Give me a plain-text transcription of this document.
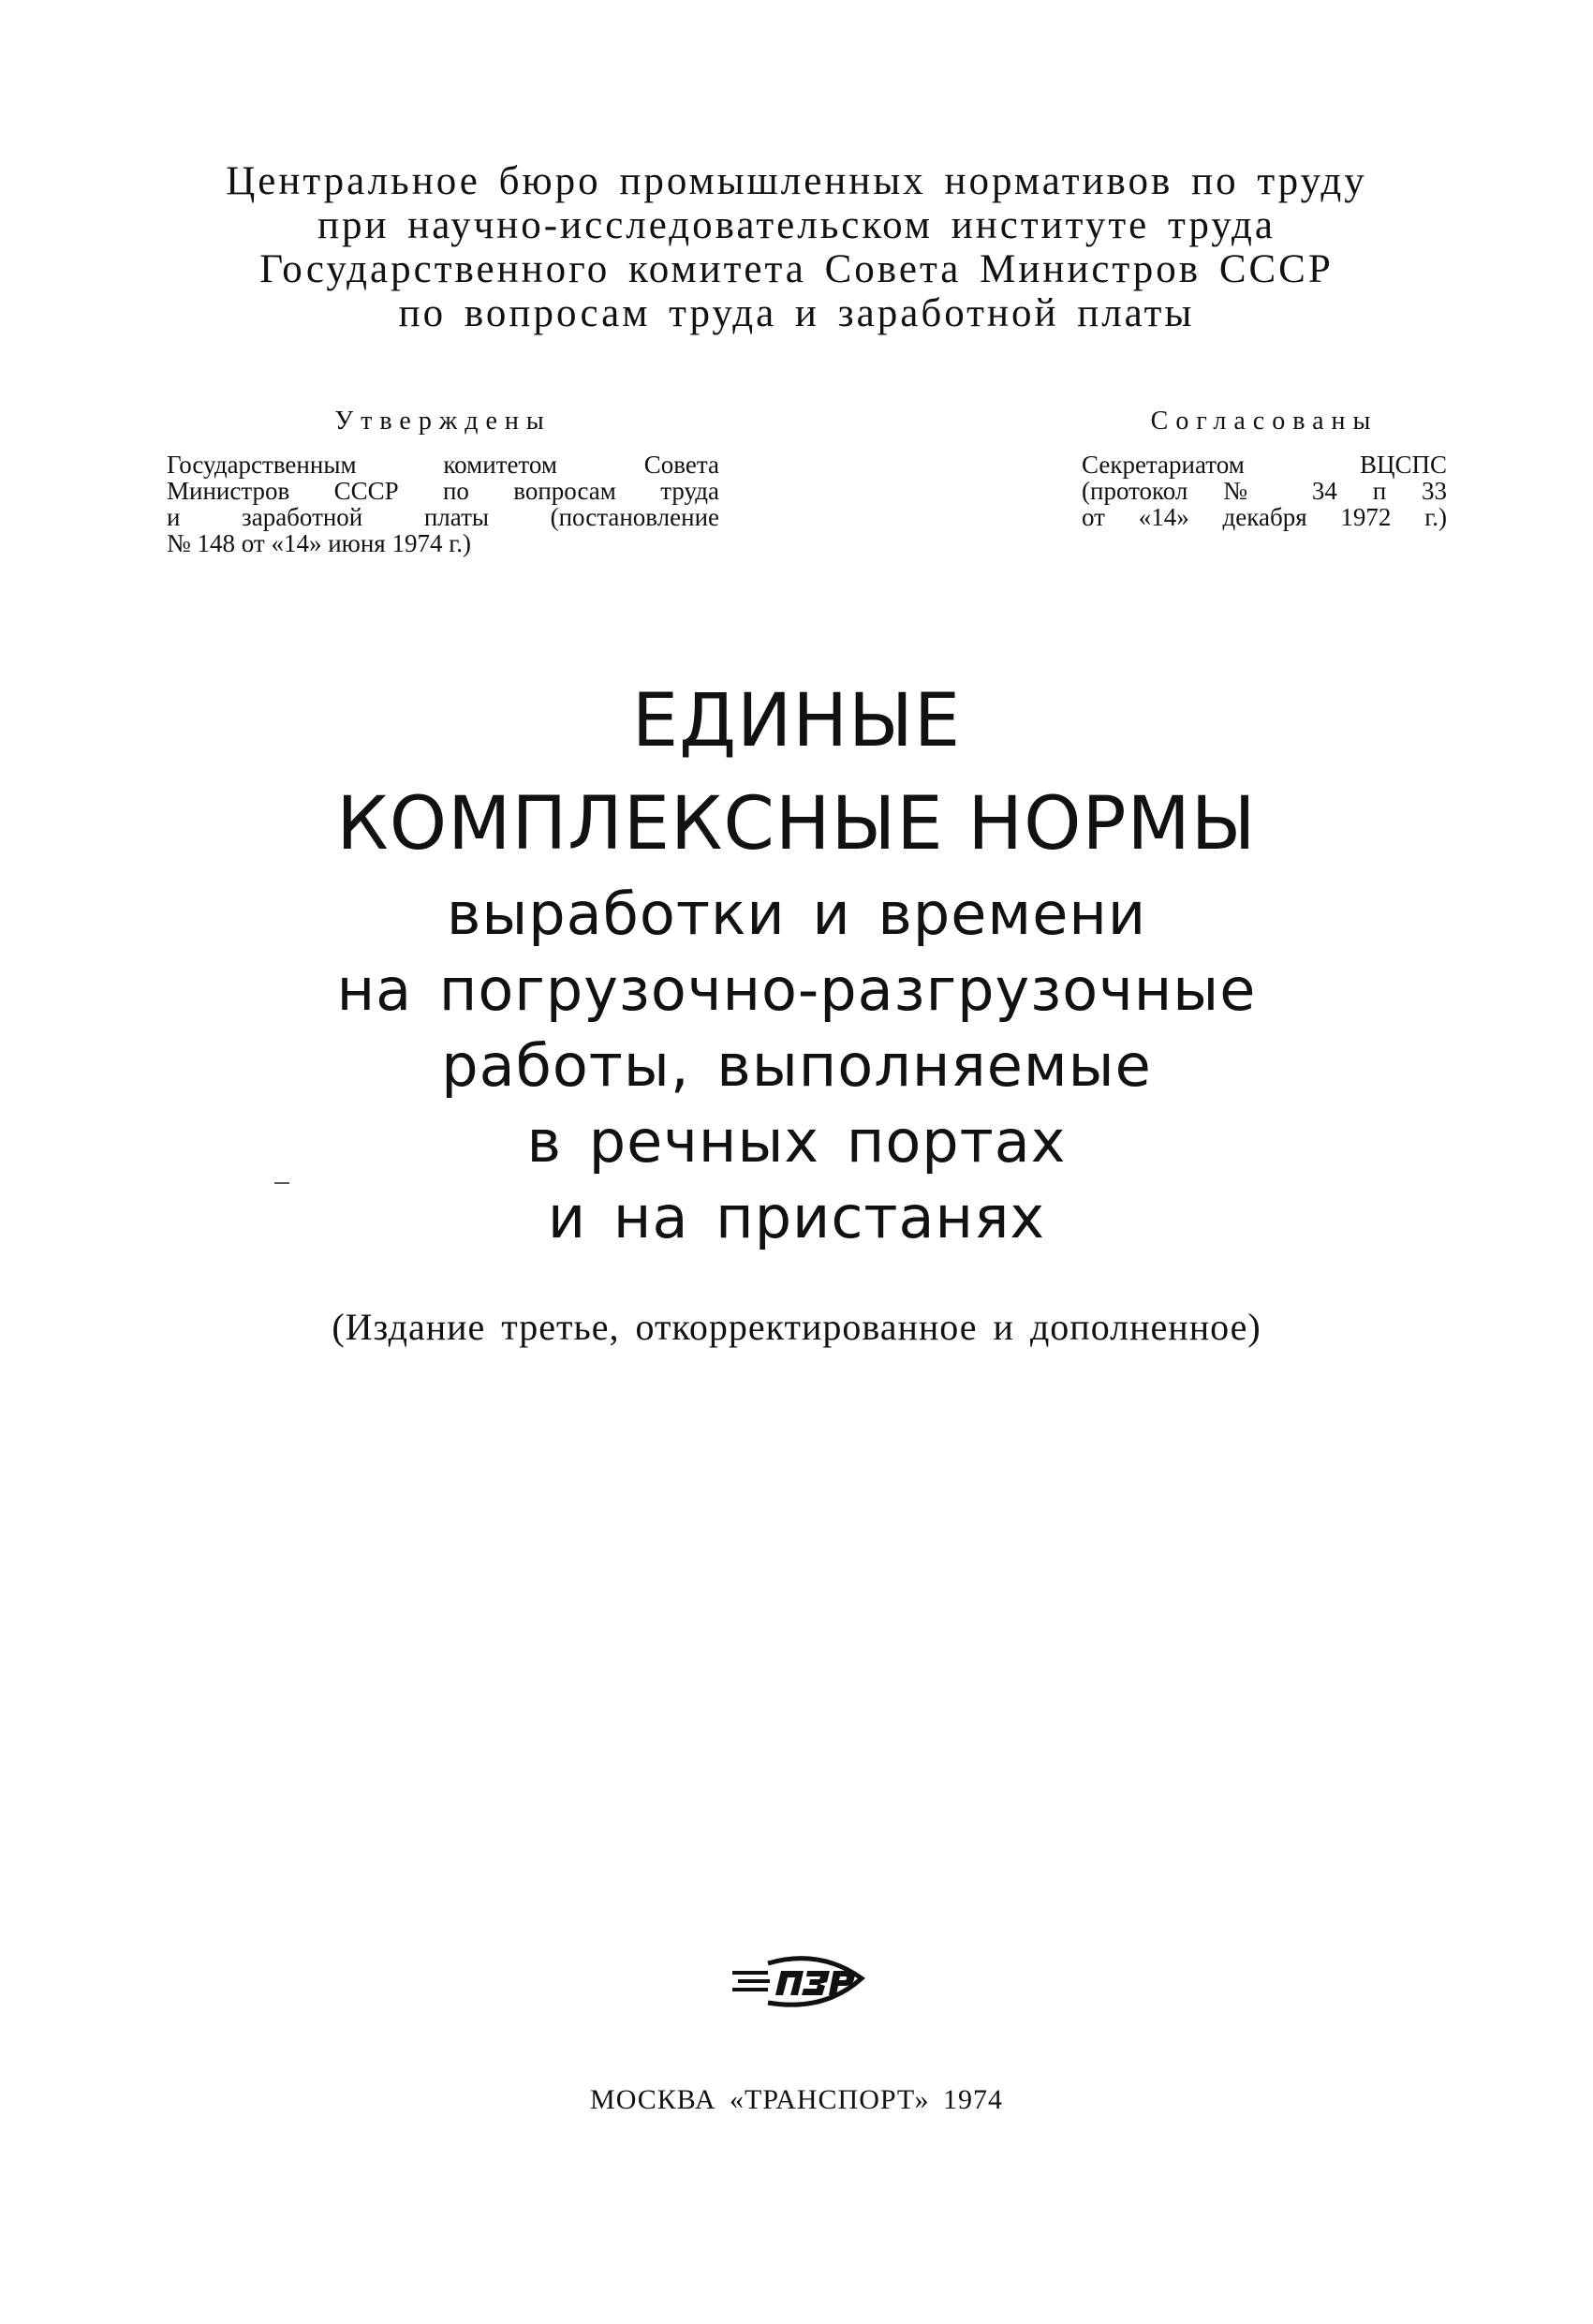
Центральное бюро промышленных нормативов по труду
при научно-исследовательском институте труда
Государственного комитета Совета Министров СССР
по вопросам труда и заработной платы
Утверждены
Государственным комитетом Совета
Министров СССР по вопросам труда
и заработной платы (постановление
№ 148 от «14» июня 1974 г.)
Согласованы
Секретариатом ВЦСПС
(протокол № 34 п 33
от «14» декабря 1972 г.)
ЕДИНЫЕ
КОМПЛЕКСНЫЕ НОРМЫ
выработки и времени
на погрузочно-разгрузочные
работы, выполняемые
в речных портах
и на пристанях
(Издание третье, откорректированное и дополненное)
МОСКВА «ТРАНСПОРТ» 1974
